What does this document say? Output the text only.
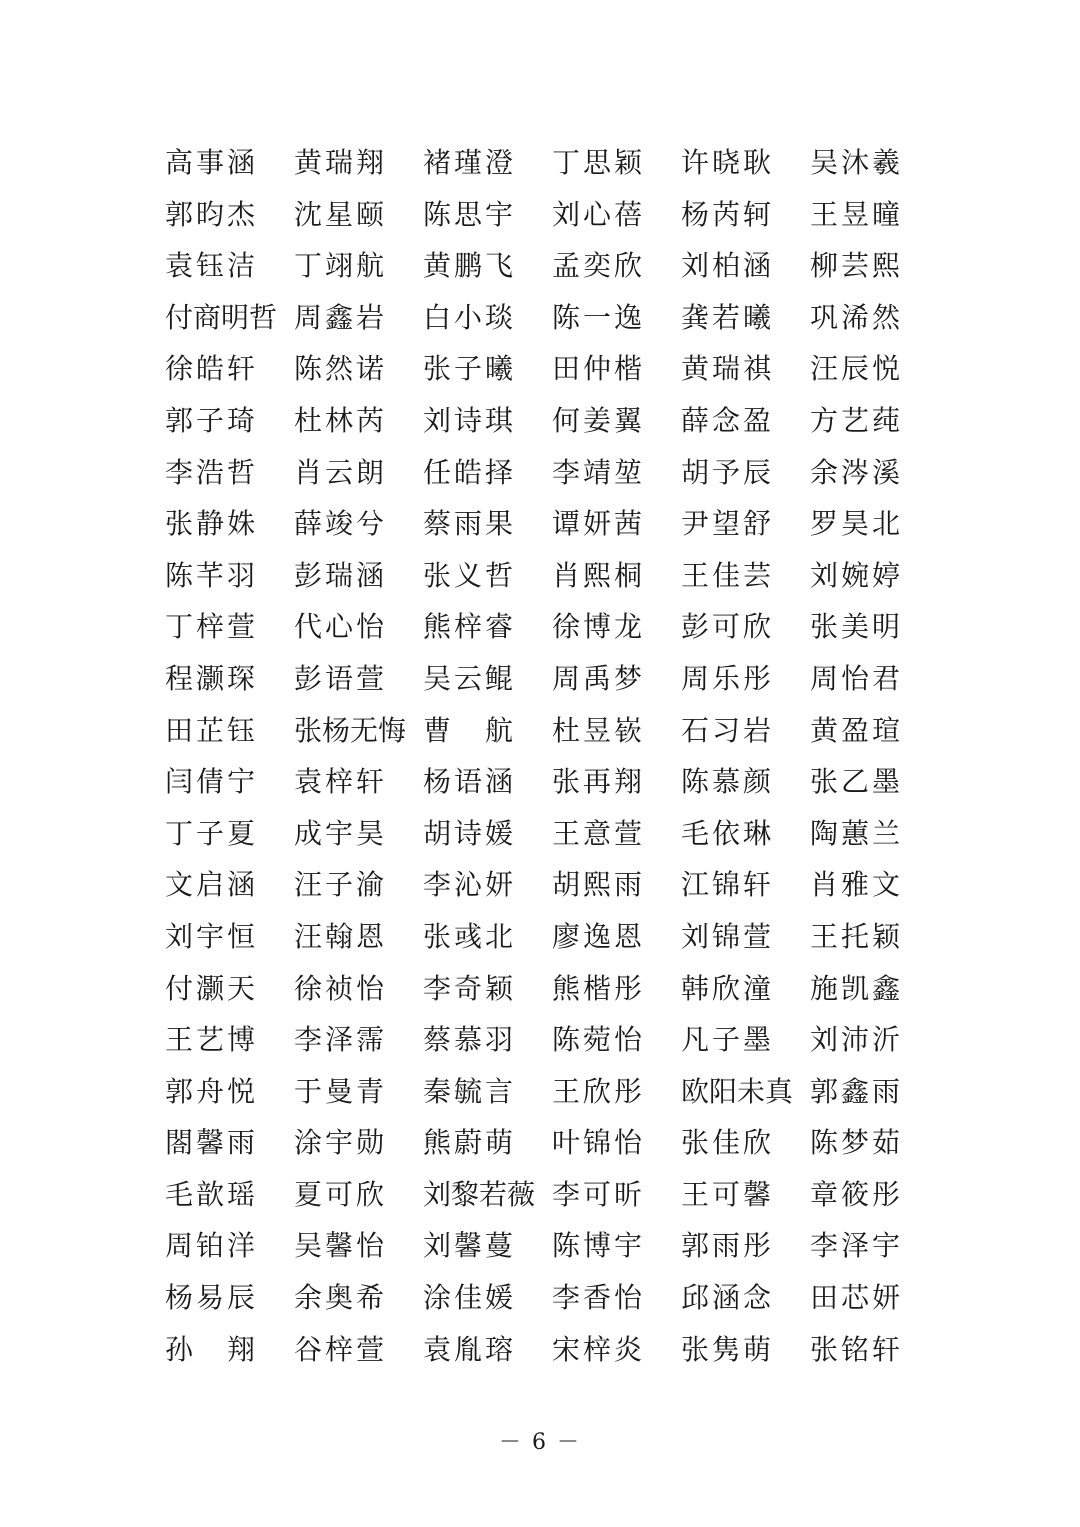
高事涵	黄瑞翔	褚瑾澄	丁思颖	许晓耿	吴沐羲
郭昀杰	沈星颐	陈思宇	刘心蓓	杨芮轲	王昱曈
袁钰洁	丁翊航	黄鹏飞	孟奕欣	刘柏涵	柳芸熙
付商明哲 周鑫岩	白小琰	陈一逸	龚若曦	巩浠然
徐皓轩	陈然诺	张子曦	田仲楷	黄瑞祺	汪辰悦
郭子琦	杜林芮	刘诗琪	何姜翼	薛念盈	方艺莼
李浩哲	肖云朗	任皓择	李靖堃	胡予辰	余涔溪
张静姝	薛竣兮	蔡雨果	谭妍茜	尹望舒	罗昊北
陈芊羽	彭瑞涵	张义哲	肖熙桐	王佳芸	刘婉婷
丁梓萱	代心怡	熊梓睿	徐博龙	彭可欣	张美明
程灏琛	彭语萱	吴云鲲	周禹梦	周乐彤	周怡君
田芷钰	张杨无悔 曹　航	杜昱嵚	石习岩	黄盈瑄
闫倩宁	袁梓轩	杨语涵	张再翔	陈慕颜	张乙墨
丁子夏	成宇昊	胡诗媛	王意萱	毛依琳	陶蕙兰
文启涵	汪子渝	李沁妍	胡熙雨	江锦轩	肖雅文
刘宇恒	汪翰恩	张彧北	廖逸恩	刘锦萱	王托颖
付灏天	徐祯怡	李奇颖	熊楷彤	韩欣潼	施凯鑫
王艺博	李泽霈	蔡慕羽	陈菀怡	凡子墨	刘沛沂
郭舟悦	于曼青	秦毓言	王欣彤	欧阳未真 郭鑫雨
閤馨雨	涂宇勋	熊蔚萌	叶锦怡	张佳欣	陈梦茹
毛歆瑶	夏可欣	刘黎若薇 李可昕	王可馨	章筱彤
周铂洋	吴馨怡	刘馨蔓	陈博宇	郭雨彤	李泽宇
杨易辰	余奥希	涂佳媛	李香怡	邱涵念	田芯妍
孙　翔	谷梓萱	袁胤瑢	宋梓炎	张隽萌	张铭轩
－ 6 －
